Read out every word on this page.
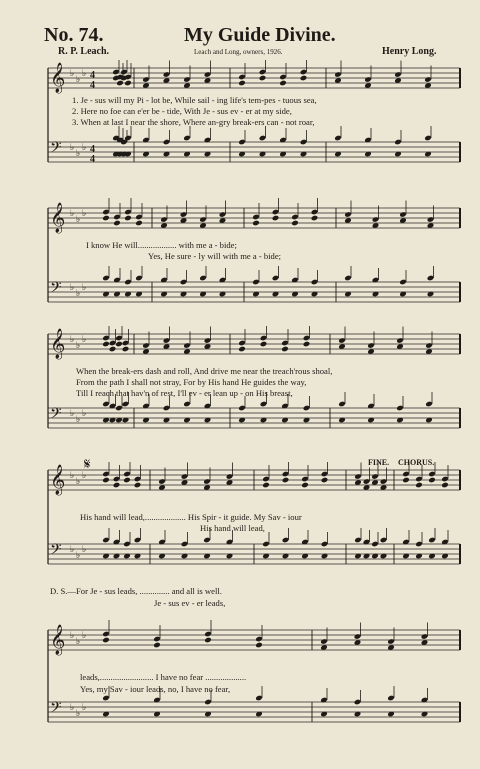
No. 74.	My Guide Divine.
R. P. Leach.	Leach and Long, owners, 1926.	Henry Long.
𝄞 ♭
♭
♭ 4
4
𝄢 ♭
♭
♭ 4
4
1. Je - sus will my Pi - lot be, While sail - ing life's tem-pes - tuous sea,
2. Here no foe can e'er be - tide, With Je - sus ev - er at my side,
3. When at last I near the shore, Where an-gry break-ers can - not roar,
𝄞 ♭
♭
♭
𝄢 ♭
♭
♭
I know He will.................. with me a - bide;
Yes, He sure - ly will with me a - bide;
𝄞 ♭
♭
♭
𝄢 ♭
♭
♭
When the break-ers dash and roll, And drive me near the treach'rous shoal,
From the path I shall not stray, For by His hand He guides the way,
Till I reach that hav'n of rest, I'll ev - er lean up - on His breast,
𝄋	FINE. CHORUS.
𝄞 ♭
♭
♭
𝄢 ♭
♭
♭
His hand will lead,................... His Spir - it guide. My Sav - iour
His hand will lead,
D. S.—For Je - sus leads, .............. and all is well.
Je - sus ev - er leads,
𝄞 ♭
♭
♭
𝄢 ♭
♭
♭
leads,......................... I have no fear ...................
Yes, my Sav - iour leads, no, I have no fear,
